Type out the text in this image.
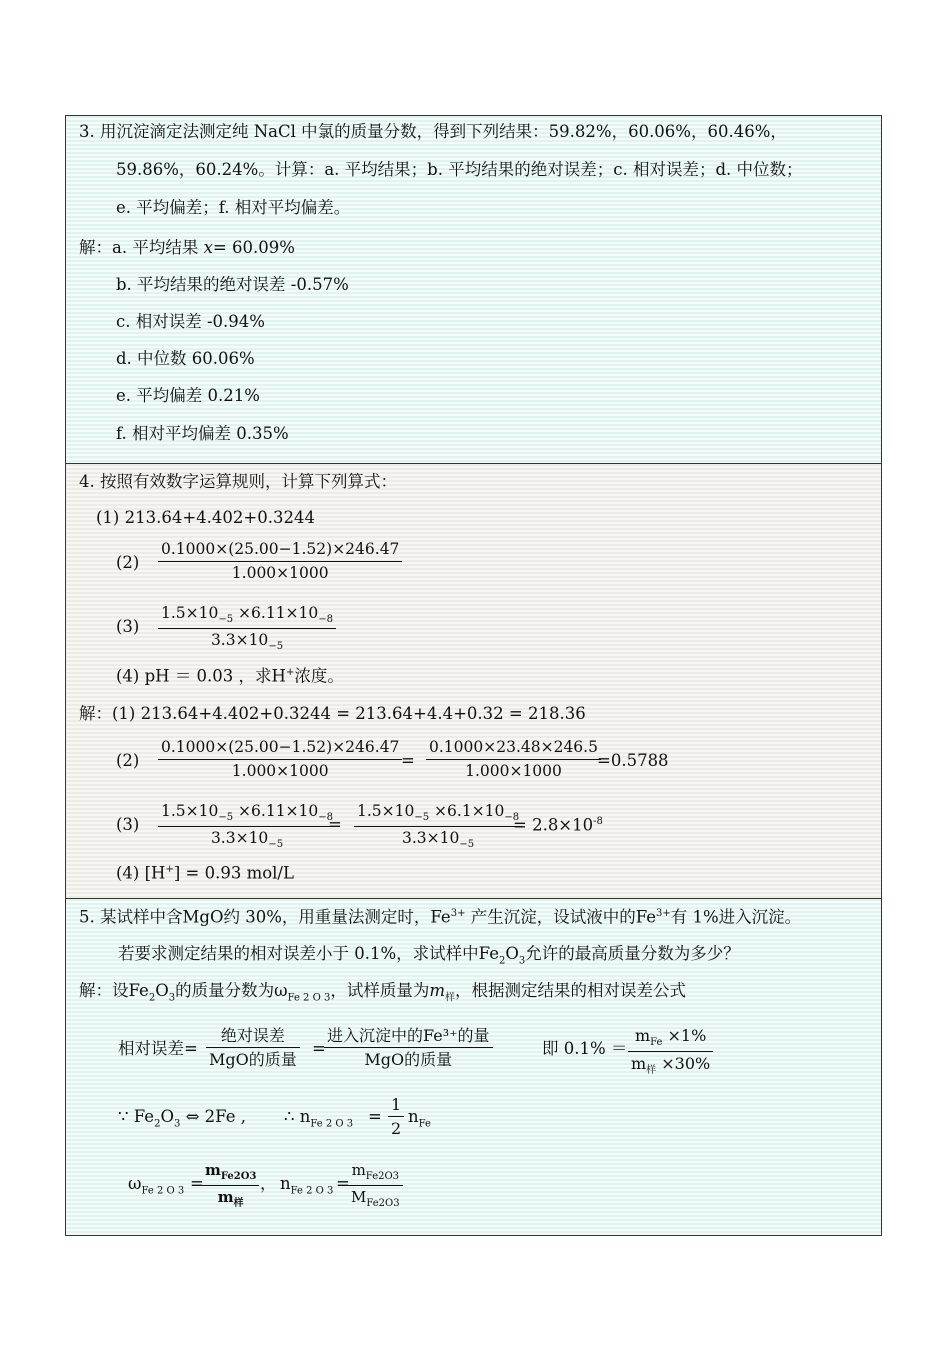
3. 用沉淀滴定法测定纯 NaCl 中氯的质量分数，得到下列结果：59.82%，60.06%，60.46%，
59.86%，60.24%。计算：a. 平均结果；b. 平均结果的绝对误差；c. 相对误差；d. 中位数；
e. 平均偏差；f. 相对平均偏差。
解：a. 平均结果 x= 60.09%
b. 平均结果的绝对误差 -0.57%
c. 相对误差 -0.94%
d. 中位数 60.06%
e. 平均偏差 0.21%
f. 相对平均偏差 0.35%
4. 按照有效数字运算规则，计算下列算式：
(1) 213.64+4.402+0.3244
$(2) \frac{0.1000\times(25.00-1.52)\times 246.47}{1.000\times 1000}$
$(3) \frac{1.5\times 10_{-5} \times 6.11\times 10_{-8}}{3.3\times 10_{-5}}$
(4) pH ＝ 0.03 ，求H+浓度。
解：(1) 213.64+4.402+0.3244 = 213.64+4.4+0.32 = 218.36
$(2) \frac{0.1000\times(25.00-1.52)\times 246.47}{1.000\times 1000}$
= $\frac{0.1000\times 23.48\times 246.5}{1.000\times 1000}$
=0.5788
$(3) \frac{1.5\times 10_{-5} \times 6.11\times 10_{-8}}{3.3\times 10_{-5}}$
= $\frac{1.5\times 10_{-5} \times 6.1\times 10_{-8}}{3.3\times 10_{-5}}$
= $2.8\times 10^{-8}$
(4) [H+] = 0.93 mol/L
5. 某试样中含MgO约 30%，用重量法测定时，$Fe^{3+}$ 产生沉淀，设试液中的$Fe^{3+}$有 1%进入沉淀。
若要求测定结果的相对误差小于 0.1%，求试样中$Fe_2O_3$允许的最高质量分数为多少？
解：设$Fe_2O_3$的质量分数为$\omega_{Fe 2 O 3}$，试样质量为$m_样$，根据测定结果的相对误差公式
相对误差=
绝对误差
MgO的质量
=
进入沉淀中的Fe³⁺的量
MgO的质量
即 0.1% ＝
$m_{Fe} \times 1\%$
$m_样 \times 30\%$
∵ $Fe_2O_3$ ⇔ 2Fe , ∴ $n_{Fe 2 O 3} = \frac{1}{2} n_{Fe}$
$\omega_{Fe 2 O 3}$ =
$m_{Fe2O3}$
$m_样$
， $n_{Fe 2 O 3}$ =
$m_{Fe2O3}$
$M_{Fe2O3}$
